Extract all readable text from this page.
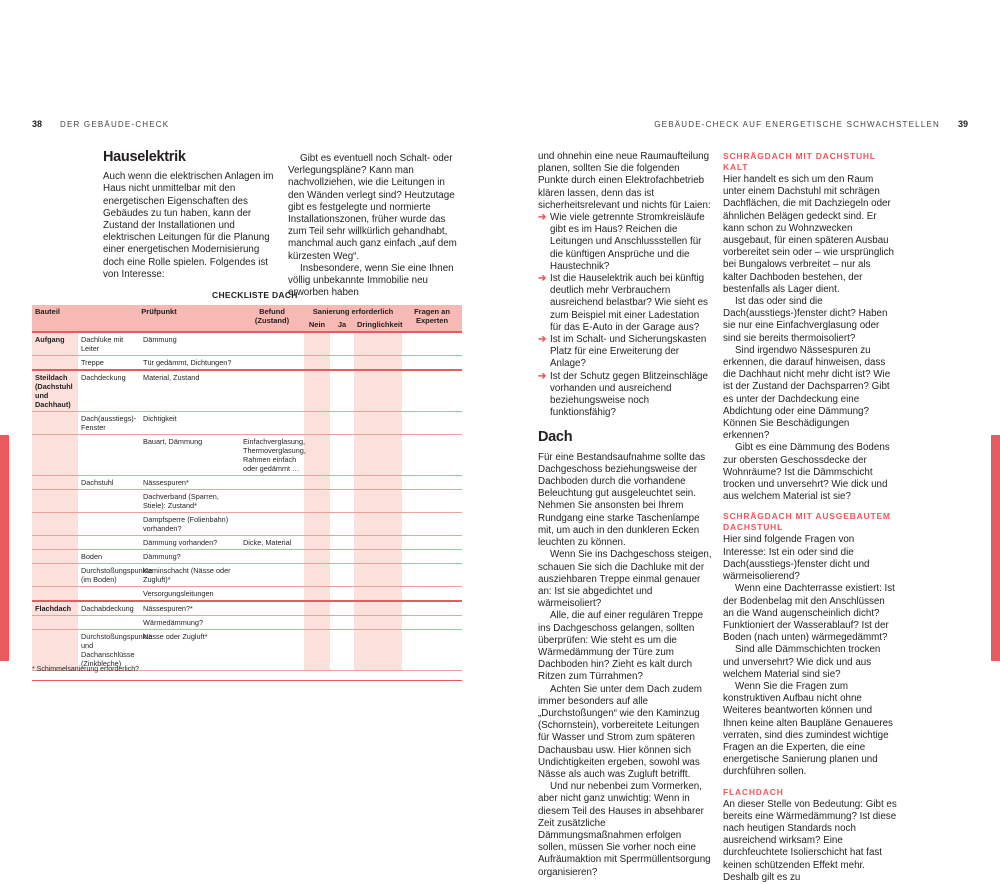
38 DER GEBÄUDE-CHECK	GEBÄUDE-CHECK AUF ENERGETISCHE SCHWACHSTELLEN 39
Hauselektrik

Auch wenn die elektrischen Anlagen im Haus nicht unmittelbar mit den energetischen Eigenschaften des Gebäudes zu tun haben, kann der Zustand der Installationen und elektrischen Leitungen für die Planung einer energetischen Modernisierung doch eine Rolle spielen. Folgendes ist von Interesse:

Gibt es eventuell noch Schalt- oder Verlegungspläne? Kann man nachvollziehen, wie die Leitungen in den Wänden verlegt sind? Heutzutage gibt es festgelegte und normierte Installationszonen, früher wurde das zum Teil sehr willkürlich gehandhabt, manchmal auch ganz einfach „auf dem kürzesten Weg“.

Insbesondere, wenn Sie eine Ihnen völlig unbekannte Immobilie neu erworben haben

CHECKLISTE DACH
Bauteil	Prüfpunkt		Befund (Zustand)	Sanierung erforderlich			Fragen an Experten
				Nein	Ja	Dringlichkeit	
Aufgang	Dachluke mit Leiter	Dämmung					
	Treppe	Tür gedämmt, Dichtungen?					
Steildach (Dachstuhl und Dachhaut)	Dachdeckung	Material, Zustand					
	Dach(ausstiegs)-Fenster	Dichtigkeit					
		Bauart, Dämmung	Einfachverglasung, Thermoverglasung, Rahmen einfach oder gedämmt …				
	Dachstuhl	Nässespuren*					
		Dachverband (Sparren, Stiele): Zustand*					
		Dampfsperre (Folienbahn) vorhanden?					
		Dämmung vorhanden?	Dicke, Material				
	Boden	Dämmung?					
	Durchstoßungspunkte (im Boden)	Kaminschacht (Nässe oder Zugluft)*					
		Versorgungsleitungen					
Flachdach	Dachabdeckung	Nässespuren?*					
		Wärmedämmung?					
	Durchstoßungspunkte und Dachanschlüsse (Zinkbleche)	Nässe oder Zugluft*					
* Schimmelsanierung erforderlich?

und ohnehin eine neue Raumaufteilung planen, sollten Sie die folgenden Punkte durch einen Elektrofachbetrieb klären lassen, denn das ist sicherheitsrelevant und nichts für Laien:

➔ Wie viele getrennte Stromkreisläufe gibt es im Haus? Reichen die Leitungen und Anschlussstellen für die künftigen Ansprüche und die Haustechnik?
➔ Ist die Hauselektrik auch bei künftig deutlich mehr Verbrauchern ausreichend belastbar? Wie sieht es zum Beispiel mit einer Ladestation für das E-Auto in der Garage aus?
➔ Ist im Schalt- und Sicherungskasten Platz für eine Erweiterung der Anlage?
➔ Ist der Schutz gegen Blitzeinschläge vorhanden und ausreichend beziehungsweise noch funktionsfähig?
Dach

Für eine Bestandsaufnahme sollte das Dachgeschoss beziehungsweise der Dachboden durch die vorhandene Beleuchtung gut ausgeleuchtet sein. Nehmen Sie ansonsten bei Ihrem Rundgang eine starke Taschenlampe mit, um auch in den dunkleren Ecken leuchten zu können.

Wenn Sie ins Dachgeschoss steigen, schauen Sie sich die Dachluke mit der ausziehbaren Treppe einmal genauer an: Ist sie abgedichtet und wärmeisoliert?

Alle, die auf einer regulären Treppe ins Dachgeschoss gelangen, sollten überprüfen: Wie steht es um die Wärmedämmung der Türe zum Dachboden hin? Zieht es kalt durch Ritzen zum Türrahmen?

Achten Sie unter dem Dach zudem immer besonders auf alle „Durchstoßungen“ wie den Kaminzug (Schornstein), vorbereitete Leitungen für Wasser und Strom zum späteren Dachausbau usw. Hier können sich Undichtigkeiten ergeben, sowohl was Nässe als auch was Zugluft betrifft.

Und nur nebenbei zum Vormerken, aber nicht ganz unwichtig: Wenn in diesem Teil des Hauses in absehbarer Zeit zusätzliche Dämmungsmaßnahmen erfolgen sollen, müssen Sie vorher noch eine Aufräumaktion mit Sperrmüllentsorgung organisieren?

SCHRÄGDACH MIT DACHSTUHL KALT

Hier handelt es sich um den Raum unter einem Dachstuhl mit schrägen Dachflächen, die mit Dachziegeln oder ähnlichen Belägen gedeckt sind. Er kann schon zu Wohnzwecken ausgebaut, für einen späteren Ausbau vorbereitet sein oder – wie ursprünglich bei Bungalows verbreitet – nur als kalter Dachboden bestehen, der bestenfalls als Lager dient.

Ist das oder sind die Dach(ausstiegs-)fenster dicht? Haben sie nur eine Einfachverglasung oder sind sie bereits thermoisoliert?

Sind irgendwo Nässespuren zu erkennen, die darauf hinweisen, dass die Dachhaut nicht mehr dicht ist? Wie ist der Zustand der Dachsparren? Gibt es unter der Dachdeckung eine Abdichtung oder eine Dämmung? Können Sie Beschädigungen erkennen?

Gibt es eine Dämmung des Bodens zur obersten Geschossdecke der Wohnräume? Ist die Dämmschicht trocken und unversehrt? Wie dick und aus welchem Material ist sie?

SCHRÄGDACH MIT AUSGEBAUTEM DACHSTUHL

Hier sind folgende Fragen von Interesse: Ist ein oder sind die Dach(ausstiegs-)fenster dicht und wärmeisolierend?

Wenn eine Dachterrasse existiert: Ist der Bodenbelag mit den Anschlüssen an die Wand augenscheinlich dicht? Funktioniert der Wasserablauf? Ist der Boden (nach unten) wärmegedämmt?

Sind alle Dämmschichten trocken und unversehrt? Wie dick und aus welchem Material sind sie?

Wenn Sie die Fragen zum konstruktiven Aufbau nicht ohne Weiteres beantworten können und Ihnen keine alten Baupläne Genaueres verraten, sind dies zumindest wichtige Fragen an die Experten, die eine energetische Sanierung planen und durchführen sollen.

FLACHDACH

An dieser Stelle von Bedeutung: Gibt es bereits eine Wärmedämmung? Ist diese nach heutigen Standards noch ausreichend wirksam? Eine durchfeuchtete Isolierschicht hat fast keinen schützenden Effekt mehr. Deshalb gilt es zu
